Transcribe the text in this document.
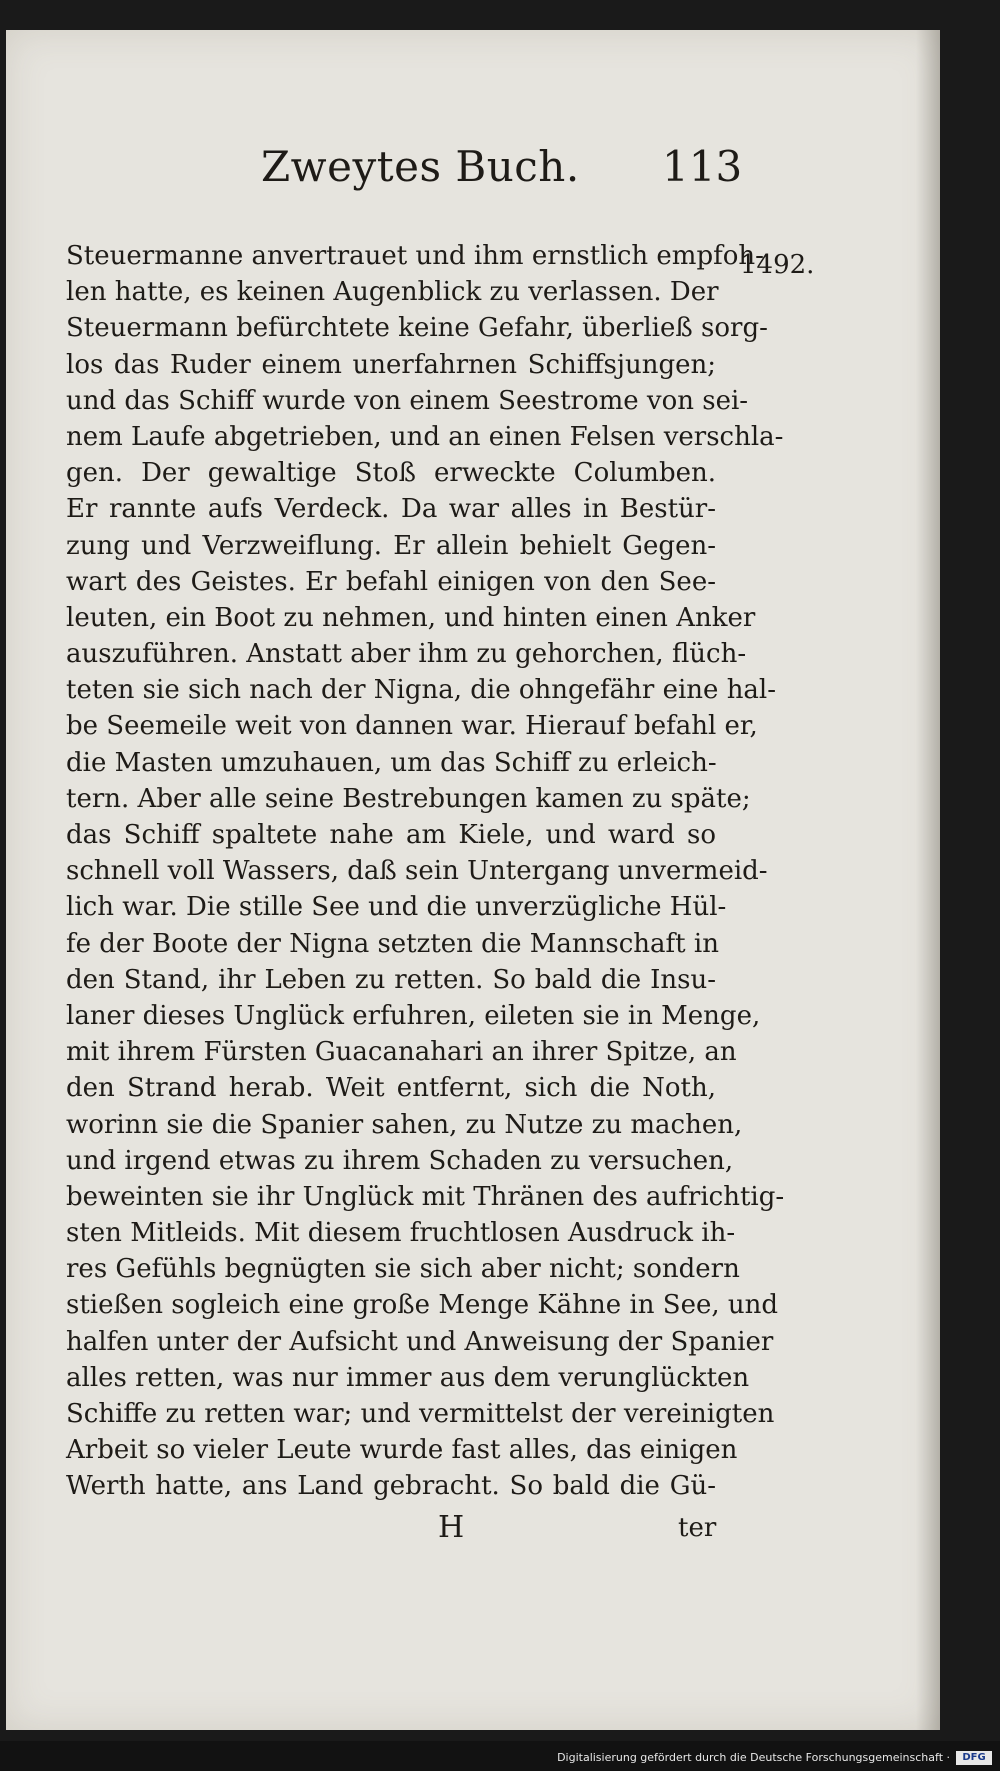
Zweytes Buch. 113
1492.
Steuermanne anvertrauet und ihm ernstlich empfoh-
len hatte, es keinen Augenblick zu verlassen. Der
Steuermann befürchtete keine Gefahr, überließ sorg-
los das Ruder einem unerfahrnen Schiffsjungen;
und das Schiff wurde von einem Seestrome von sei-
nem Laufe abgetrieben, und an einen Felsen verschla-
gen. Der gewaltige Stoß erweckte Columben.
Er rannte aufs Verdeck. Da war alles in Bestür-
zung und Verzweiflung. Er allein behielt Gegen-
wart des Geistes. Er befahl einigen von den See-
leuten, ein Boot zu nehmen, und hinten einen Anker
auszuführen. Anstatt aber ihm zu gehorchen, flüch-
teten sie sich nach der Nigna, die ohngefähr eine hal-
be Seemeile weit von dannen war. Hierauf befahl er,
die Masten umzuhauen, um das Schiff zu erleich-
tern. Aber alle seine Bestrebungen kamen zu späte;
das Schiff spaltete nahe am Kiele, und ward so
schnell voll Wassers, daß sein Untergang unvermeid-
lich war. Die stille See und die unverzügliche Hül-
fe der Boote der Nigna setzten die Mannschaft in
den Stand, ihr Leben zu retten. So bald die Insu-
laner dieses Unglück erfuhren, eileten sie in Menge,
mit ihrem Fürsten Guacanahari an ihrer Spitze, an
den Strand herab. Weit entfernt, sich die Noth,
worinn sie die Spanier sahen, zu Nutze zu machen,
und irgend etwas zu ihrem Schaden zu versuchen,
beweinten sie ihr Unglück mit Thränen des aufrichtig-
sten Mitleids. Mit diesem fruchtlosen Ausdruck ih-
res Gefühls begnügten sie sich aber nicht; sondern
stießen sogleich eine große Menge Kähne in See, und
halfen unter der Aufsicht und Anweisung der Spanier
alles retten, was nur immer aus dem verunglückten
Schiffe zu retten war; und vermittelst der vereinigten
Arbeit so vieler Leute wurde fast alles, das einigen
Werth hatte, ans Land gebracht. So bald die Gü-
H	ter
Digitalisierung gefördert durch die Deutsche Forschungsgemeinschaft ·	DFG
